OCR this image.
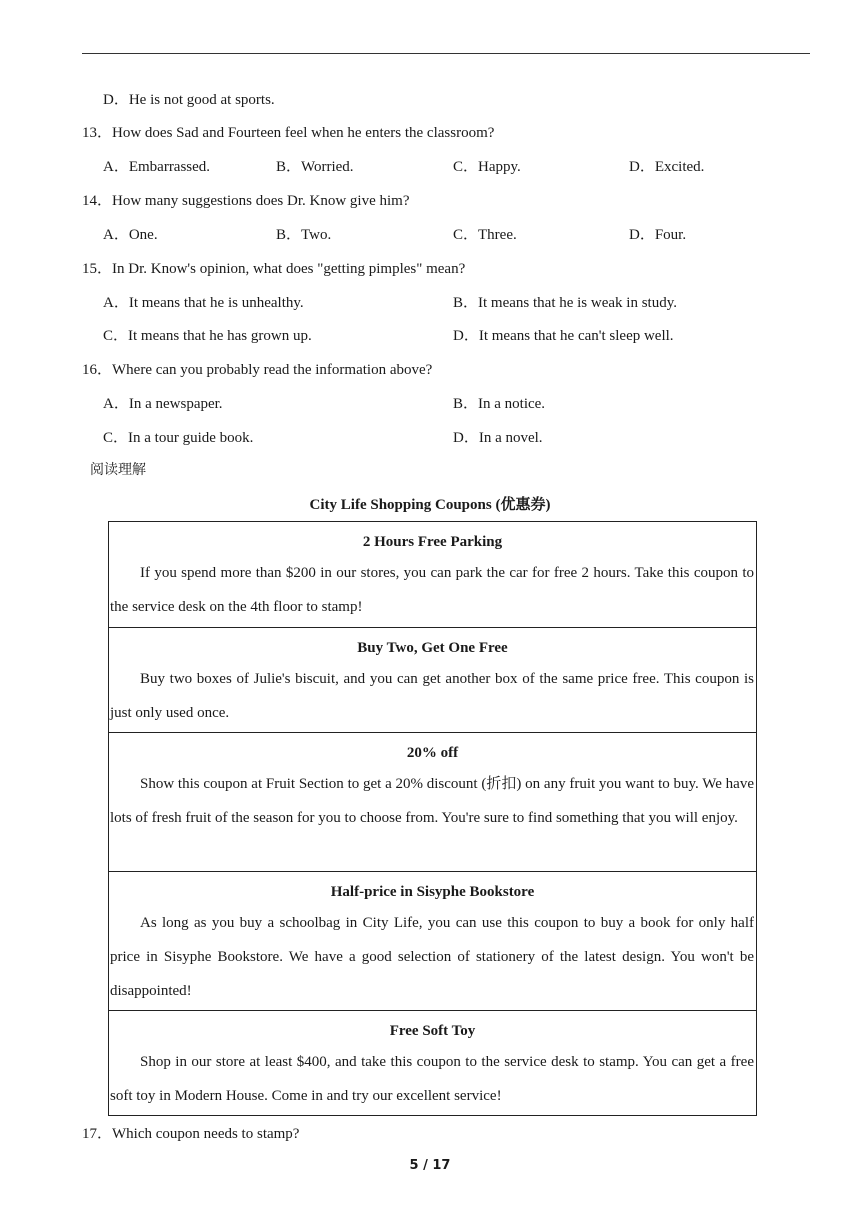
D．He is not good at sports.
13．How does Sad and Fourteen feel when he enters the classroom?
A．Embarrassed.	B．Worried.	C．Happy.	D．Excited.
14．How many suggestions does Dr. Know give him?
A．One.	B．Two.	C．Three.	D．Four.
15．In Dr. Know's opinion, what does "getting pimples" mean?
A．It means that he is unhealthy.	B．It means that he is weak in study.
C．It means that he has grown up.	D．It means that he can't sleep well.
16．Where can you probably read the information above?
A．In a newspaper.	B．In a notice.
C．In a tour guide book.	D．In a novel.
阅读理解
City Life Shopping Coupons (优惠券)
2 Hours Free Parking

If you spend more than $200 in our stores, you can park the car for free 2 hours. Take this coupon to the service desk on the 4th floor to stamp!

Buy Two, Get One Free

Buy two boxes of Julie's biscuit, and you can get another box of the same price free. This coupon is just only used once.

20% off

Show this coupon at Fruit Section to get a 20% discount (折扣) on any fruit you want to buy. We have lots of fresh fruit of the season for you to choose from. You're sure to find something that you will enjoy.

Half-price in Sisyphe Bookstore

As long as you buy a schoolbag in City Life, you can use this coupon to buy a book for only half price in Sisyphe Bookstore. We have a good selection of stationery of the latest design. You won't be disappointed!

Free Soft Toy

Shop in our store at least $400, and take this coupon to the service desk to stamp. You can get a free soft toy in Modern House. Come in and try our excellent service!

17．Which coupon needs to stamp?
5 / 17
